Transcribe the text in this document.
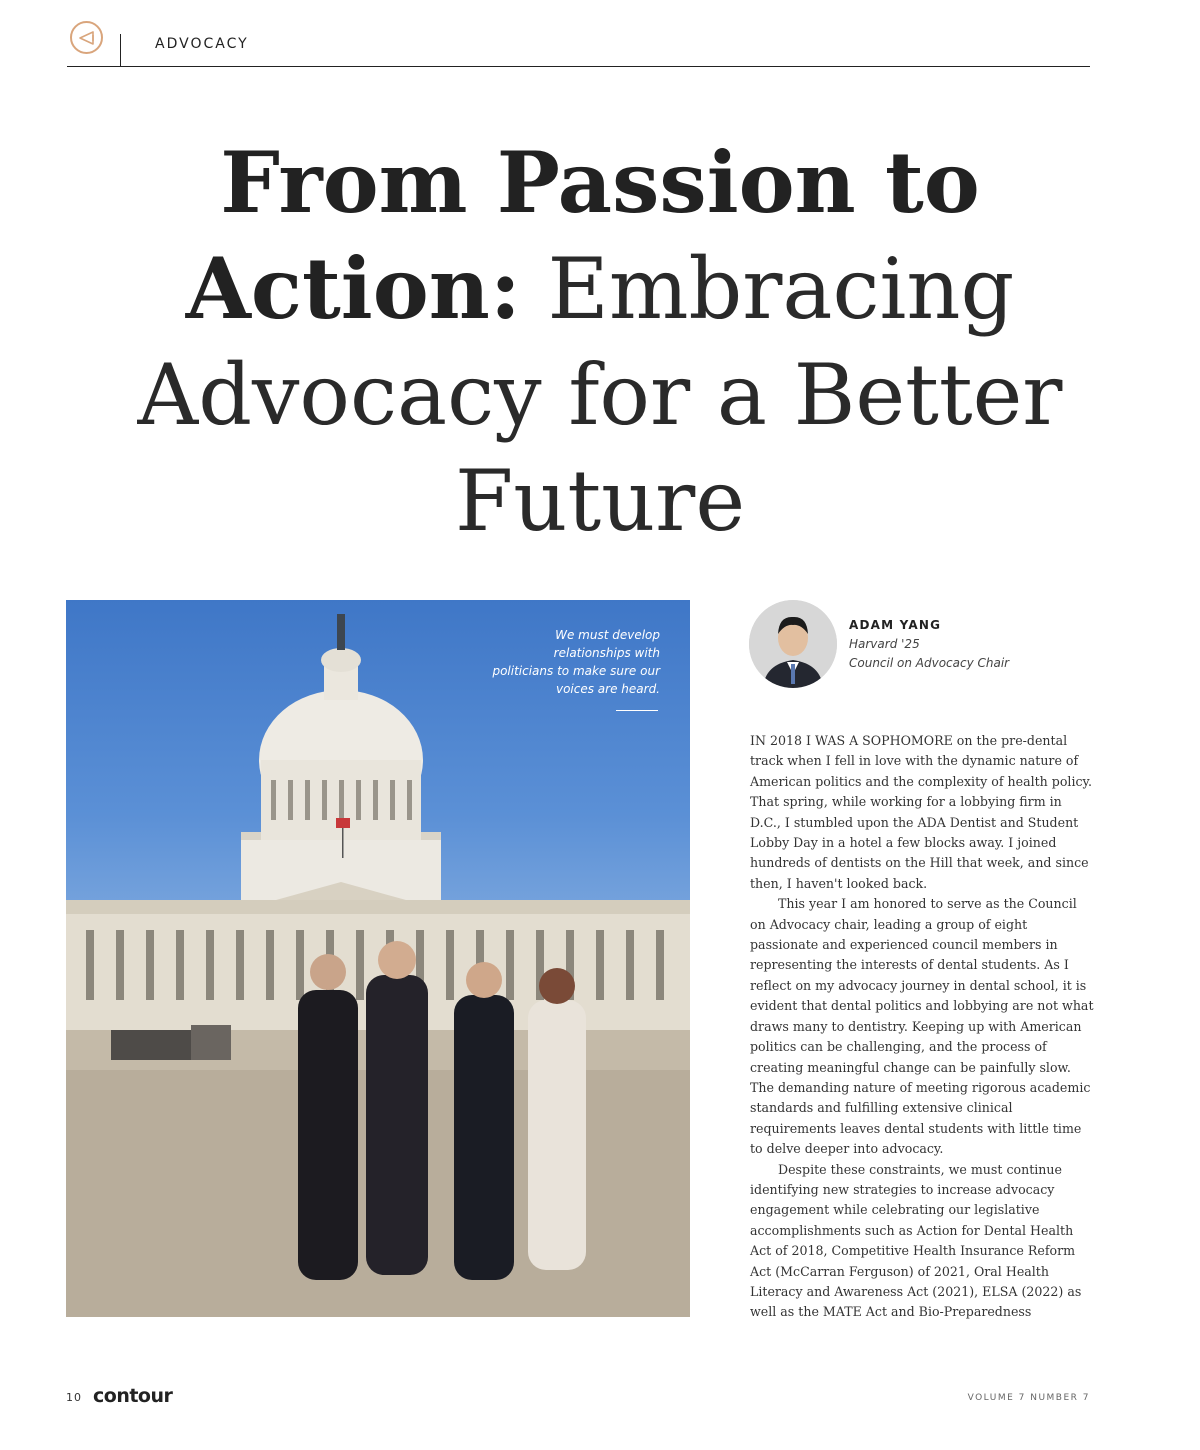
ADVOCACY
From Passion to Action: Embracing Advocacy for a Better Future

We must develop relationships with politicians to make sure our voices are heard.

ADAM YANG
Harvard '25
Council on Advocacy Chair

IN 2018 I WAS A SOPHOMORE on the pre-dental track when I fell in love with the dynamic nature of American politics and the complexity of health policy. That spring, while working for a lobbying firm in D.C., I stumbled upon the ADA Dentist and Student Lobby Day in a hotel a few blocks away. I joined hundreds of dentists on the Hill that week, and since then, I haven't looked back.

This year I am honored to serve as the Council on Advocacy chair, leading a group of eight passionate and experienced council members in representing the interests of dental students. As I reflect on my advocacy journey in dental school, it is evident that dental politics and lobbying are not what draws many to dentistry. Keeping up with American politics can be challenging, and the process of creating meaningful change can be painfully slow. The demanding nature of meeting rigorous academic standards and fulfilling extensive clinical requirements leaves dental students with little time to delve deeper into advocacy.

Despite these constraints, we must continue identifying new strategies to increase advocacy engagement while celebrating our legislative accomplishments such as Action for Dental Health Act of 2018, Competitive Health Insurance Reform Act (McCarran Ferguson) of 2021, Oral Health Literacy and Awareness Act (2021), ELSA (2022) as well as the MATE Act and Bio-Preparedness

10 contour	VOLUME 7 NUMBER 7
